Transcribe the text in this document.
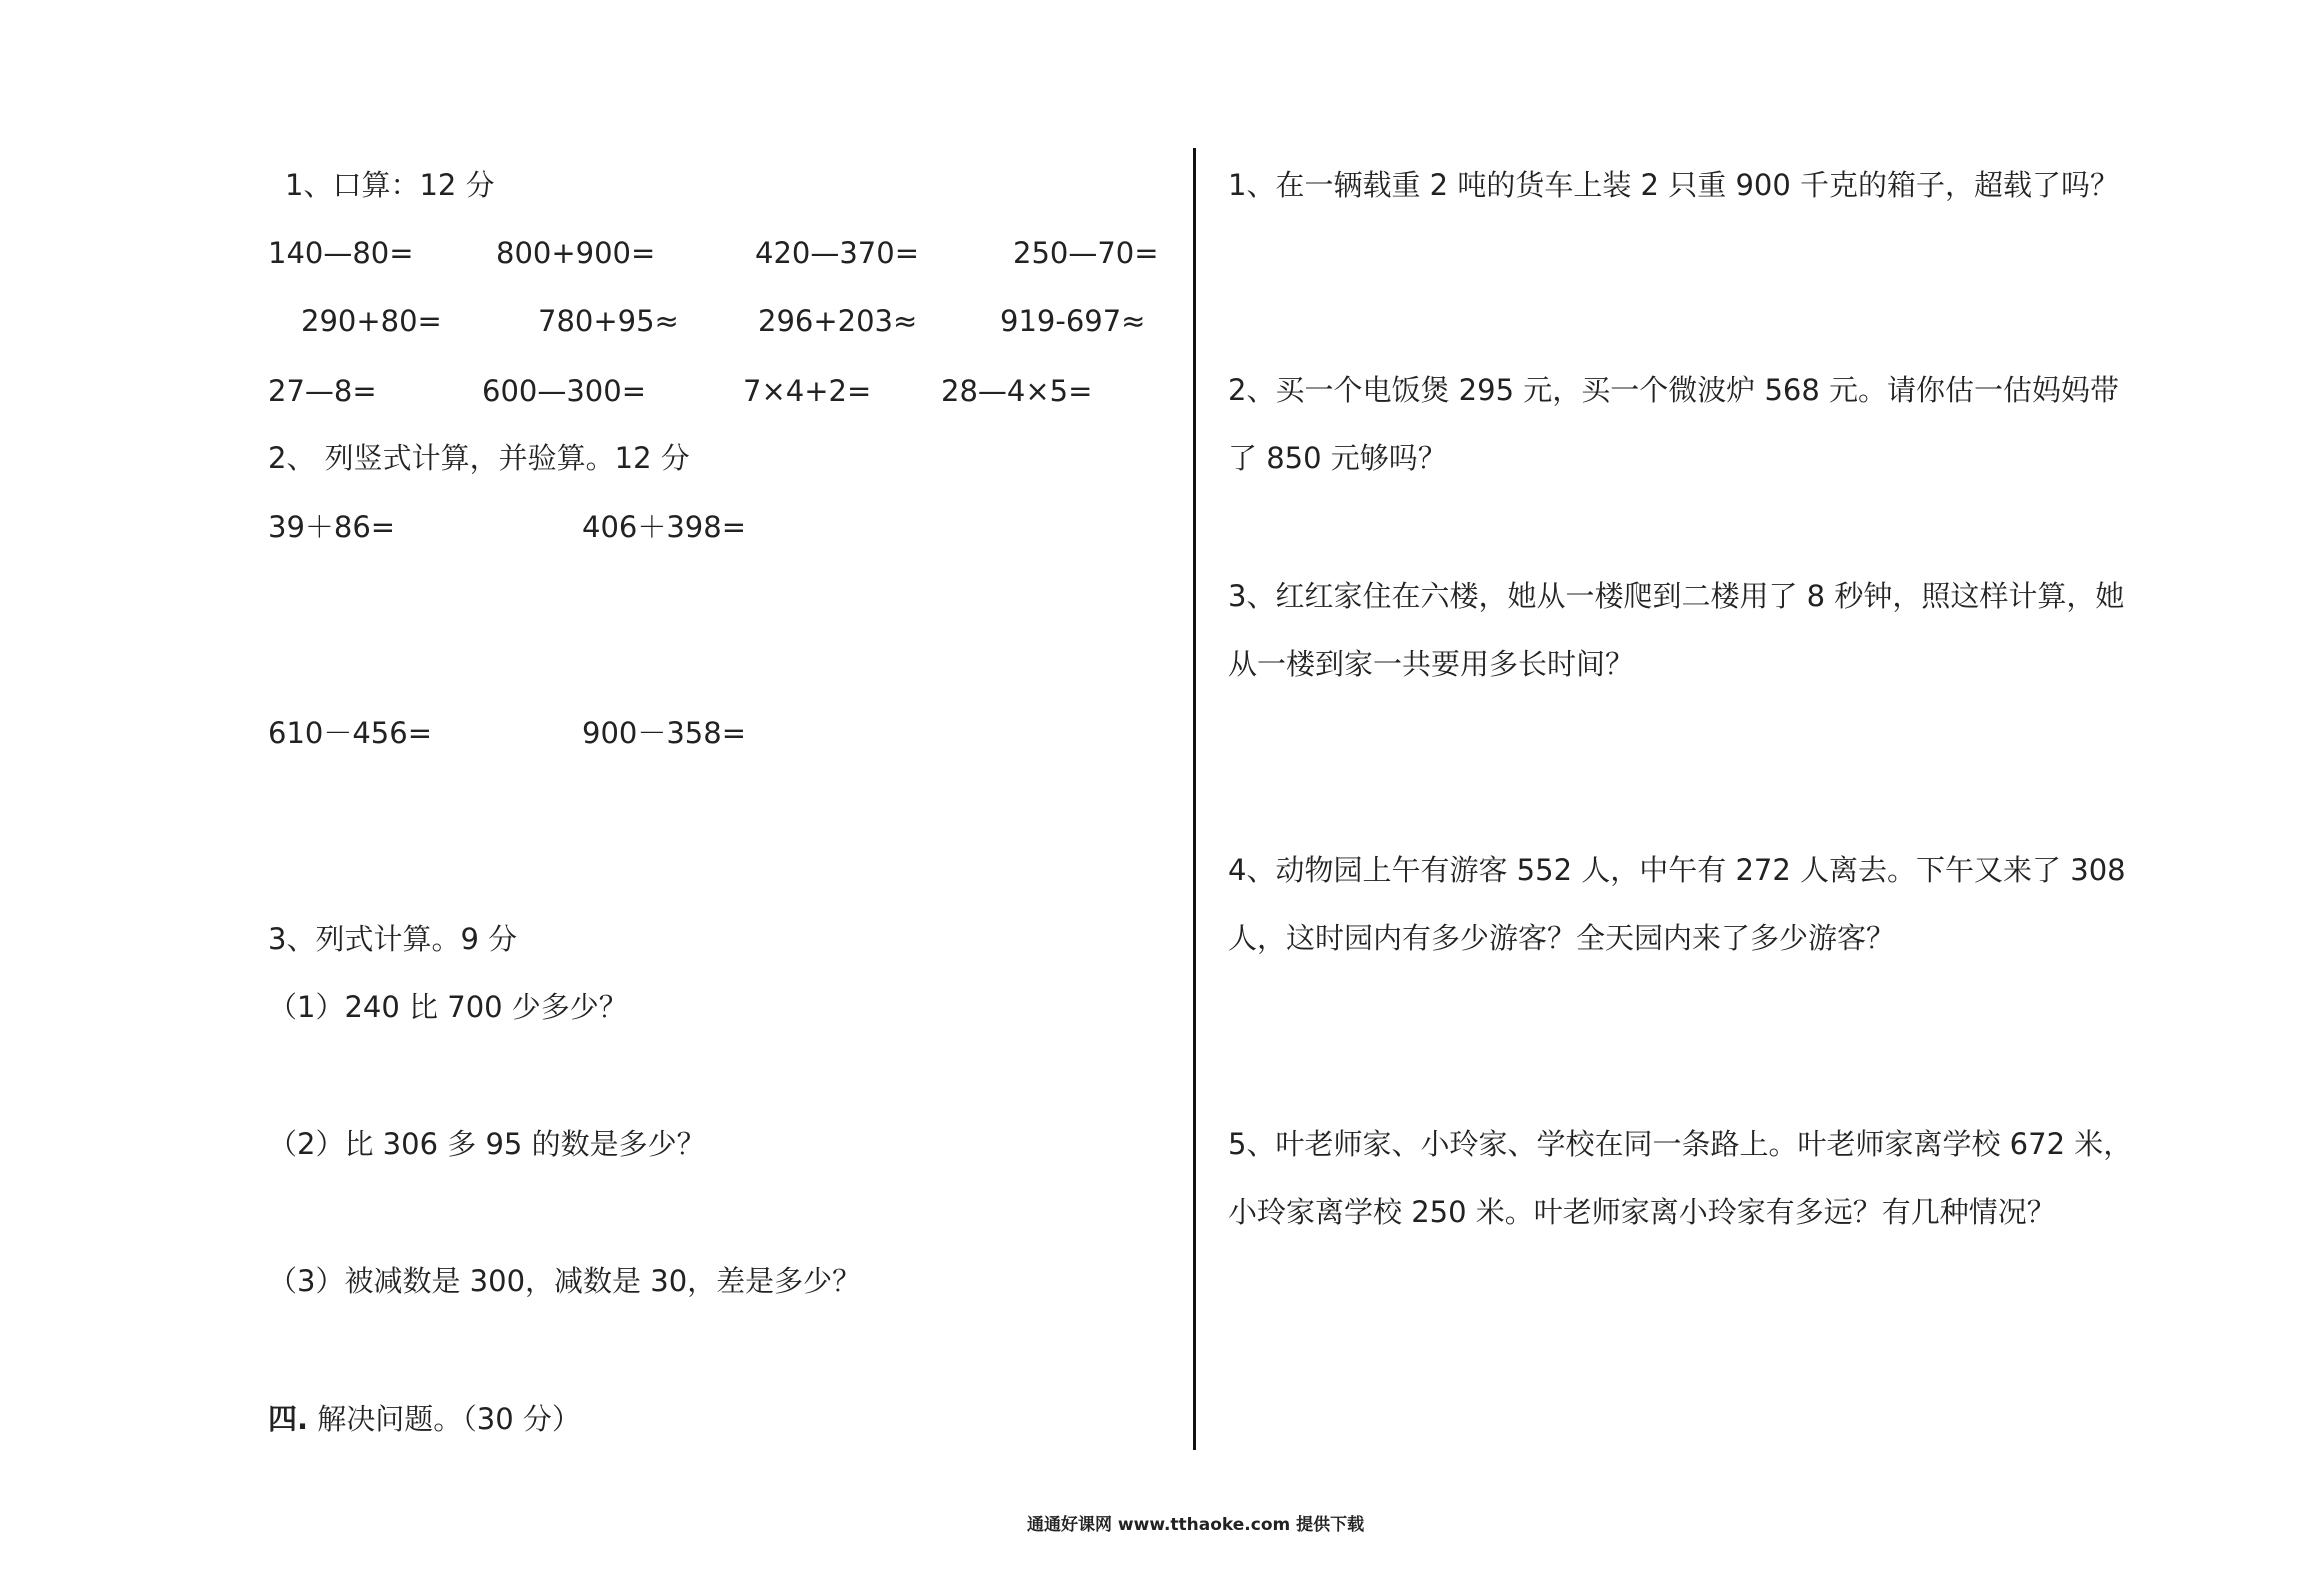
1、口算：12 分
140—80=	800+900=	420—370=	250—70=
290+80=	780+95≈	296+203≈	919-697≈
27—8=	600—300=	7×4+2= 28—4×5=
2、 列竖式计算，并验算。12 分
39＋86=	406＋398=
610－456=	900－358=
3、列式计算。9 分
（1）240 比 700 少多少？
（2）比 306 多 95 的数是多少？
（3）被减数是 300，减数是 30，差是多少？
四. 解决问题。（30 分）
1、在一辆载重 2 吨的货车上装 2 只重 900 千克的箱子，超载了吗？
2、买一个电饭煲 295 元，买一个微波炉 568 元。请你估一估妈妈带
了 850 元够吗？
3、红红家住在六楼，她从一楼爬到二楼用了 8 秒钟，照这样计算，她
从一楼到家一共要用多长时间？
4、动物园上午有游客 552 人，中午有 272 人离去。下午又来了 308
人，这时园内有多少游客？全天园内来了多少游客？
5、叶老师家、小玲家、学校在同一条路上。叶老师家离学校 672 米，
小玲家离学校 250 米。叶老师家离小玲家有多远？有几种情况？
通通好课网 www.tthaoke.com 提供下载
